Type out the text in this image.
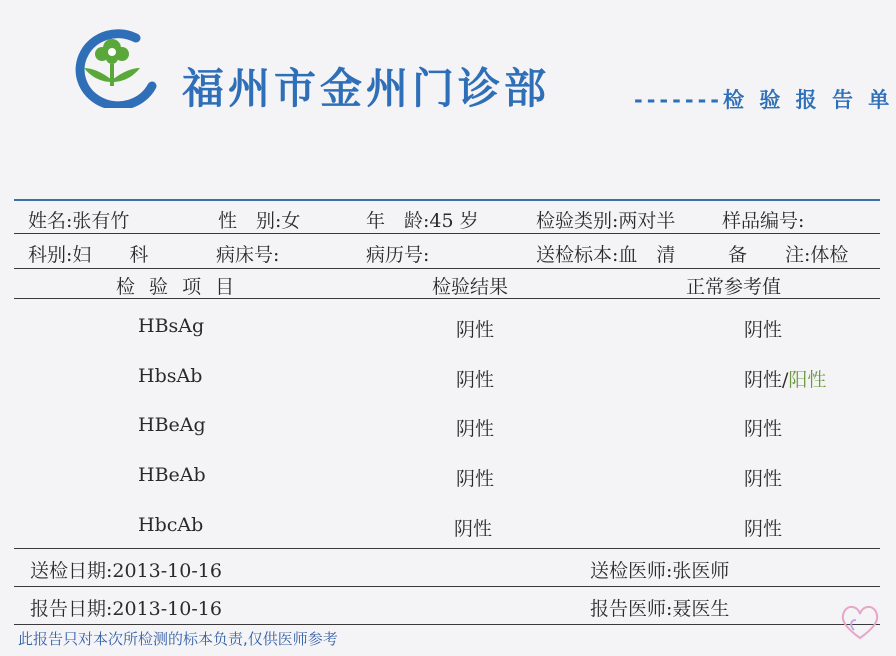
福州市金州门诊部	-------检 验 报 告 单
姓名:张有竹	性　别:女	年　龄:45 岁	检验类别:两对半 样品编号:
科别:妇　　科	病床号:	病历号:	送检标本:血　清	备　　注:体检
检 验 项 目	检验结果	正常参考值
HBsAg	阴性	阴性
HbsAb	阴性	阴性/阳性
HBeAg	阴性	阴性
HBeAb	阴性	阴性
HbcAb	阴性	阴性
送检日期:2013-10-16	送检医师:张医师
报告日期:2013-10-16	报告医师:聂医生
此报告只对本次所检测的标本负责,仅供医师参考
